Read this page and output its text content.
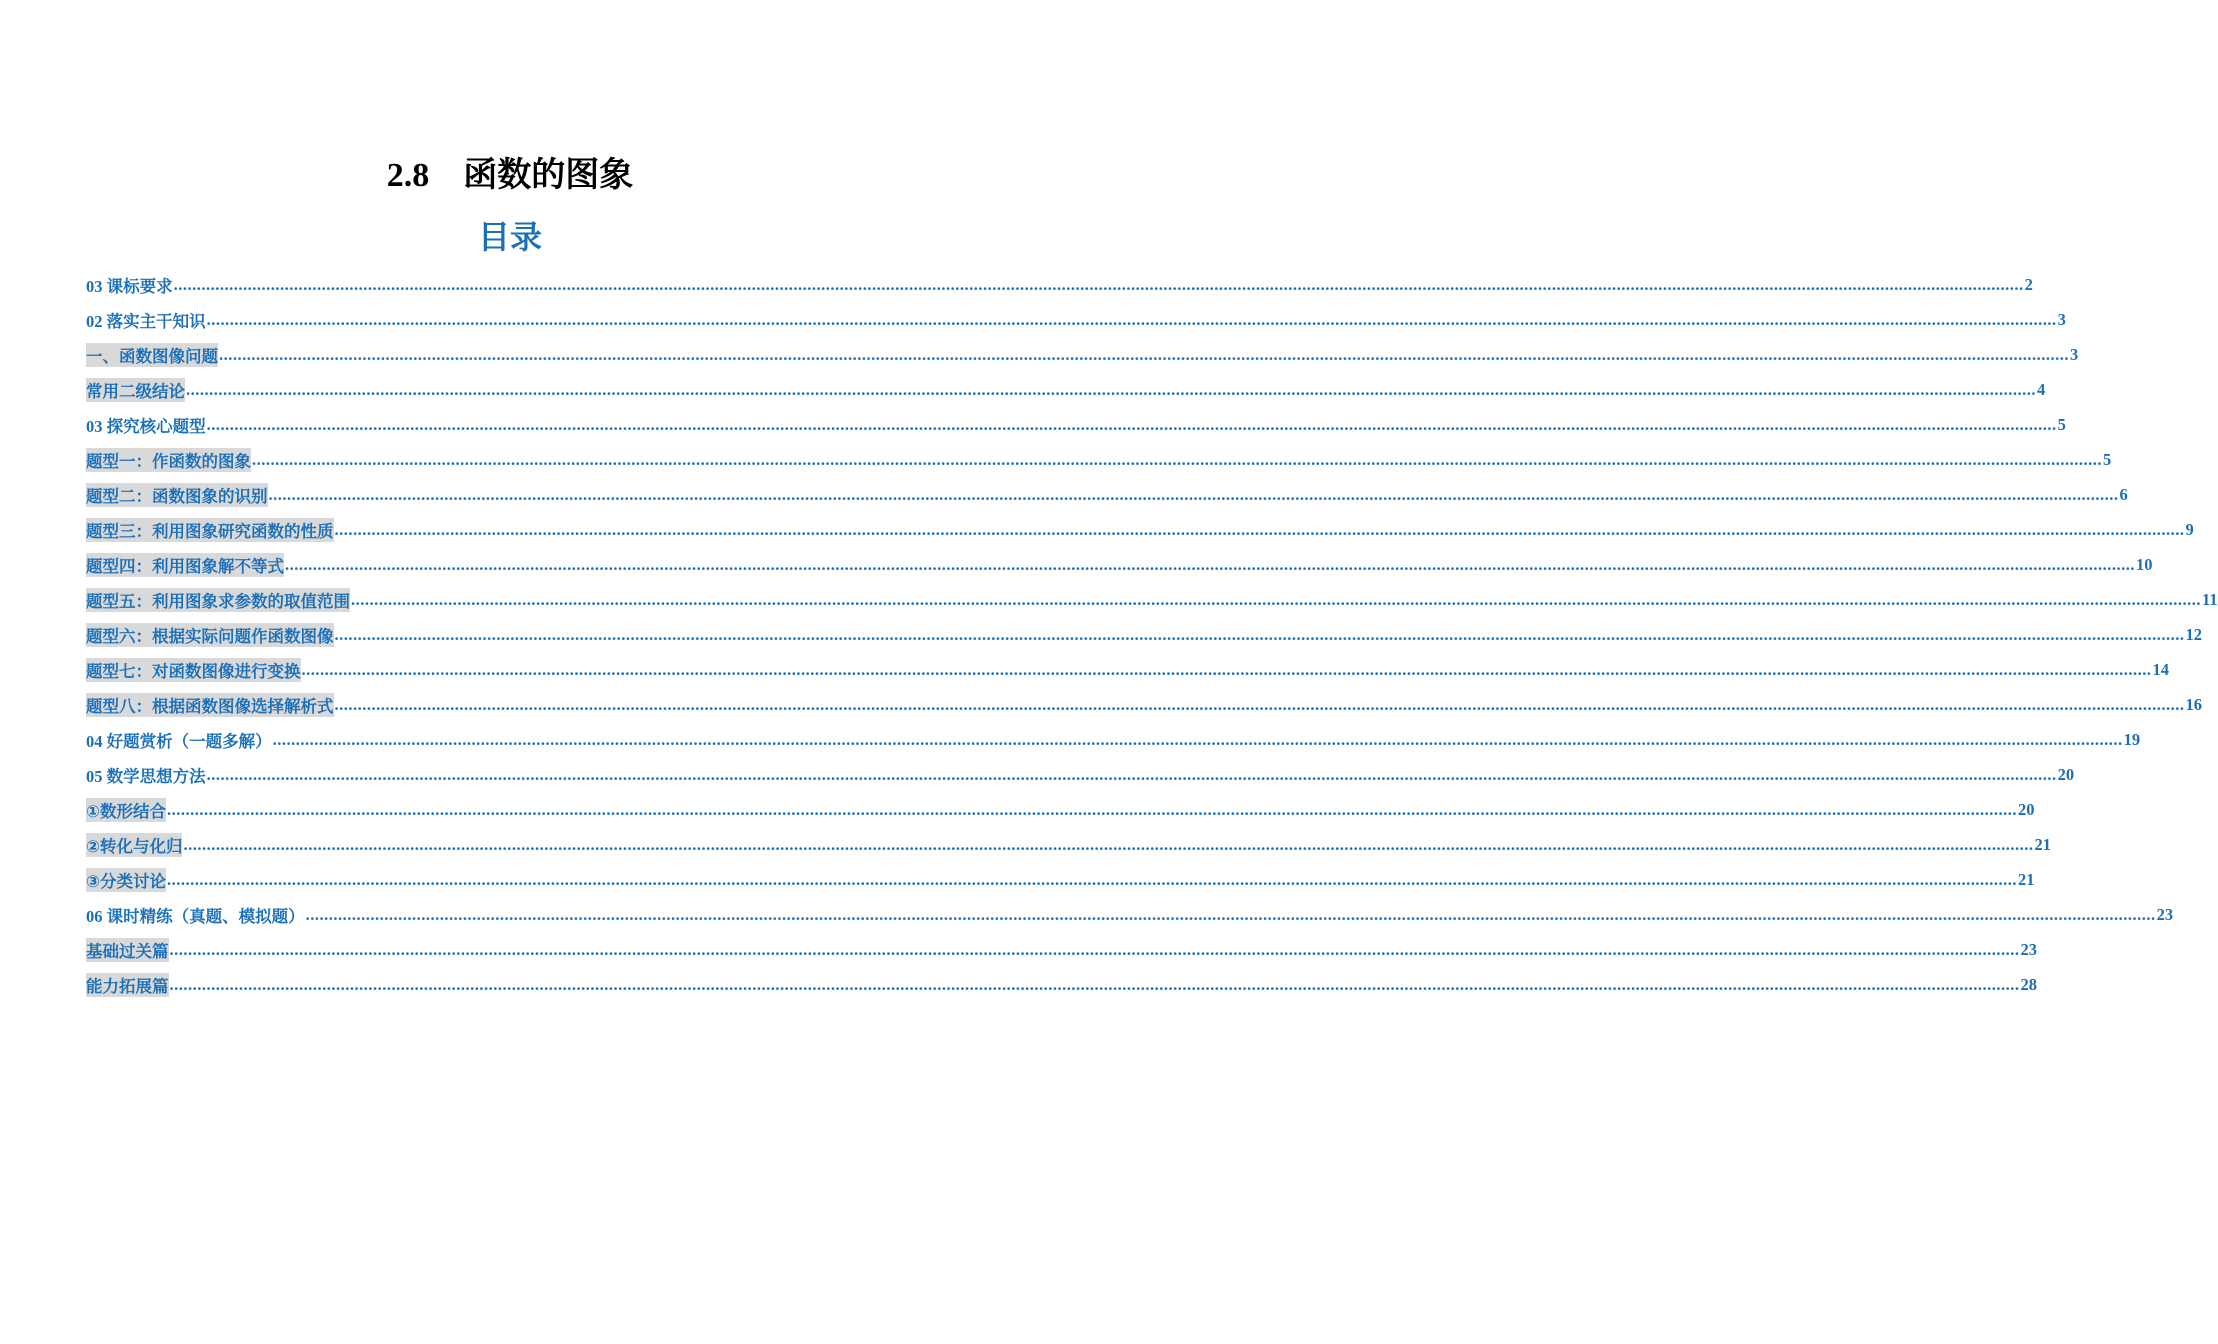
2.8    函数的图象
目录
03 课标要求 ................................................................................................................................................................................................................................................................................................................................................................................................................ 2
02 落实主干知识 ................................................................................................................................................................................................................................................................................................................................................................................................................ 3
一、函数图像问题 ................................................................................................................................................................................................................................................................................................................................................................................................................ 3
常用二级结论 ................................................................................................................................................................................................................................................................................................................................................................................................................ 4
03 探究核心题型 ................................................................................................................................................................................................................................................................................................................................................................................................................ 5
题型一：作函数的图象 ................................................................................................................................................................................................................................................................................................................................................................................................................ 5
题型二：函数图象的识别 ................................................................................................................................................................................................................................................................................................................................................................................................................ 6
题型三：利用图象研究函数的性质 ................................................................................................................................................................................................................................................................................................................................................................................................................ 9
题型四：利用图象解不等式 ................................................................................................................................................................................................................................................................................................................................................................................................................ 10
题型五：利用图象求参数的取值范围 ................................................................................................................................................................................................................................................................................................................................................................................................................ 11
题型六：根据实际问题作函数图像 ................................................................................................................................................................................................................................................................................................................................................................................................................ 12
题型七：对函数图像进行变换 ................................................................................................................................................................................................................................................................................................................................................................................................................ 14
题型八：根据函数图像选择解析式 ................................................................................................................................................................................................................................................................................................................................................................................................................ 16
04 好题赏析（一题多解） ................................................................................................................................................................................................................................................................................................................................................................................................................ 19
05 数学思想方法 ................................................................................................................................................................................................................................................................................................................................................................................................................ 20
①数形结合 ................................................................................................................................................................................................................................................................................................................................................................................................................ 20
②转化与化归 ................................................................................................................................................................................................................................................................................................................................................................................................................ 21
③分类讨论 ................................................................................................................................................................................................................................................................................................................................................................................................................ 21
06 课时精练（真题、模拟题） ................................................................................................................................................................................................................................................................................................................................................................................................................ 23
基础过关篇 ................................................................................................................................................................................................................................................................................................................................................................................................................ 23
能力拓展篇 ................................................................................................................................................................................................................................................................................................................................................................................................................ 28
